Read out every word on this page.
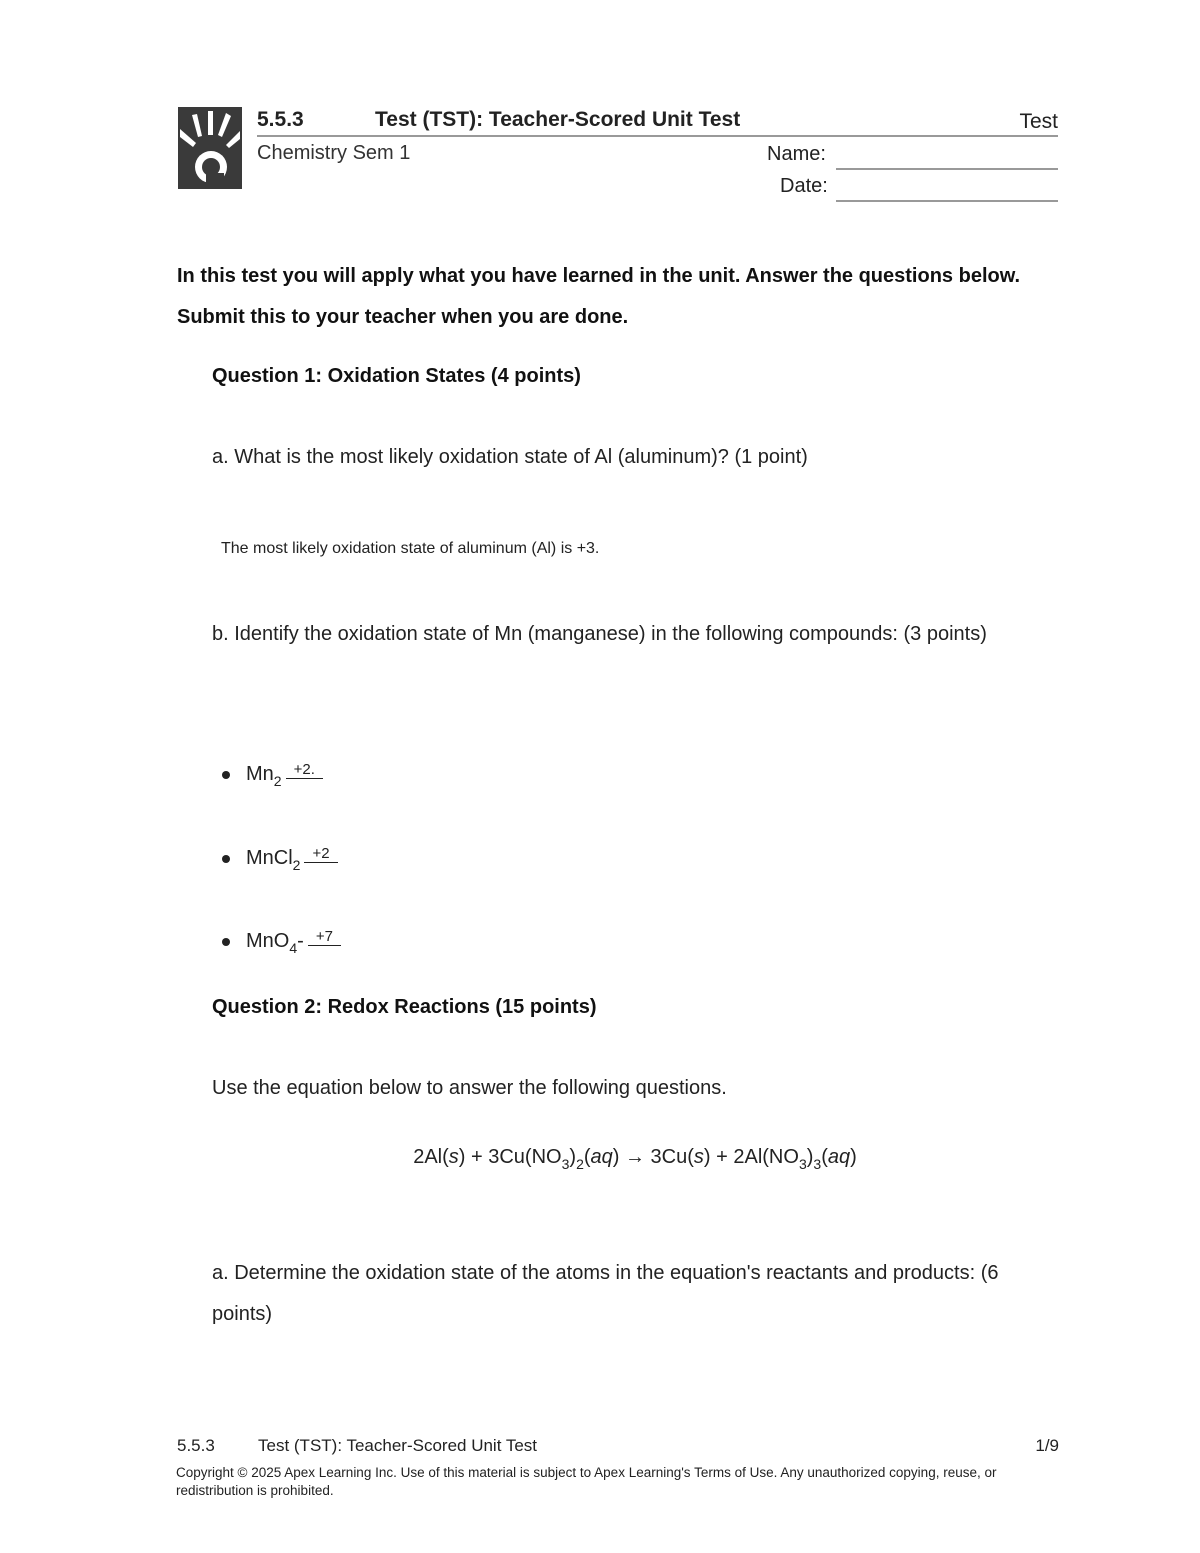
5.5.3	Test (TST): Teacher-Scored Unit Test	Test
Chemistry Sem 1	Name:
Date:
In this test you will apply what you have learned in the unit. Answer the questions below. Submit this to your teacher when you are done.
Question 1: Oxidation States (4 points)
a. What is the most likely oxidation state of Al (aluminum)? (1 point)
The most likely oxidation state of aluminum (Al) is +3.
b. Identify the oxidation state of Mn (manganese) in the following compounds: (3 points)
$Mn_2+2$.
MnCl$_2$+2
MnO$_4$- +7
Question 2: Redox Reactions (15 points)
Use the equation below to answer the following questions.
$2Al(s) + 3Cu(NO_3)_2(aq) \to 3Cu(s) + 2Al(NO_3)_3(aq)$
a. Determine the oxidation state of the atoms in the equation's reactants and products: (6 points)
5.5.3	Test (TST): Teacher-Scored Unit Test	1/9
Copyright © 2025 Apex Learning Inc. Use of this material is subject to Apex Learning's Terms of Use. Any unauthorized copying, reuse, or redistribution is prohibited.
